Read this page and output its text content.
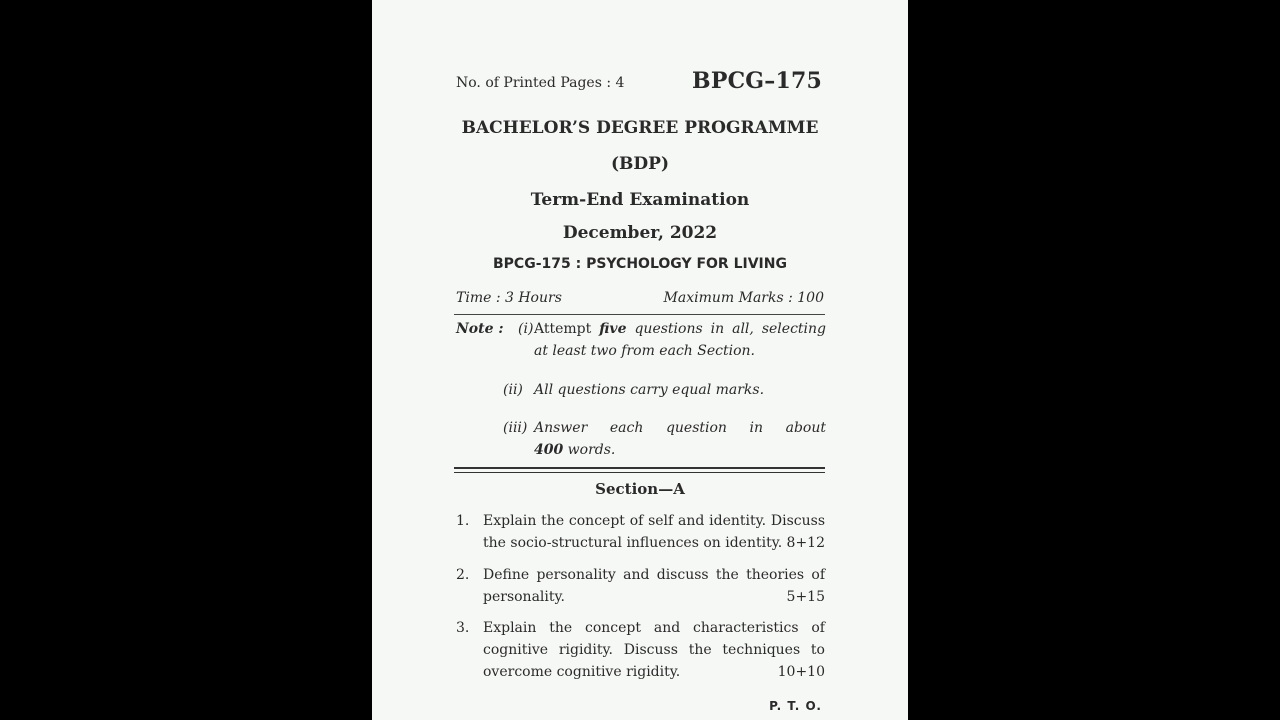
No. of Printed Pages : 4	BPCG–175
BACHELOR’S DEGREE PROGRAMME
(BDP)
Term-End Examination
December, 2022
BPCG-175 : PSYCHOLOGY FOR LIVING
Time : 3 Hours	Maximum Marks : 100
Note : (i) Attempt five questions in all, selecting
at least two from each Section.
(ii) All questions carry equal marks.
(iii) Answer each question in about
400 words.
Section—A
1. Explain the concept of self and identity. Discuss
the socio-structural influences on identity. 8+12
2. Define personality and discuss the theories of
personality.	5+15
3. Explain the concept and characteristics of
cognitive rigidity. Discuss the techniques to
overcome cognitive rigidity.	10+10
P. T. O.
